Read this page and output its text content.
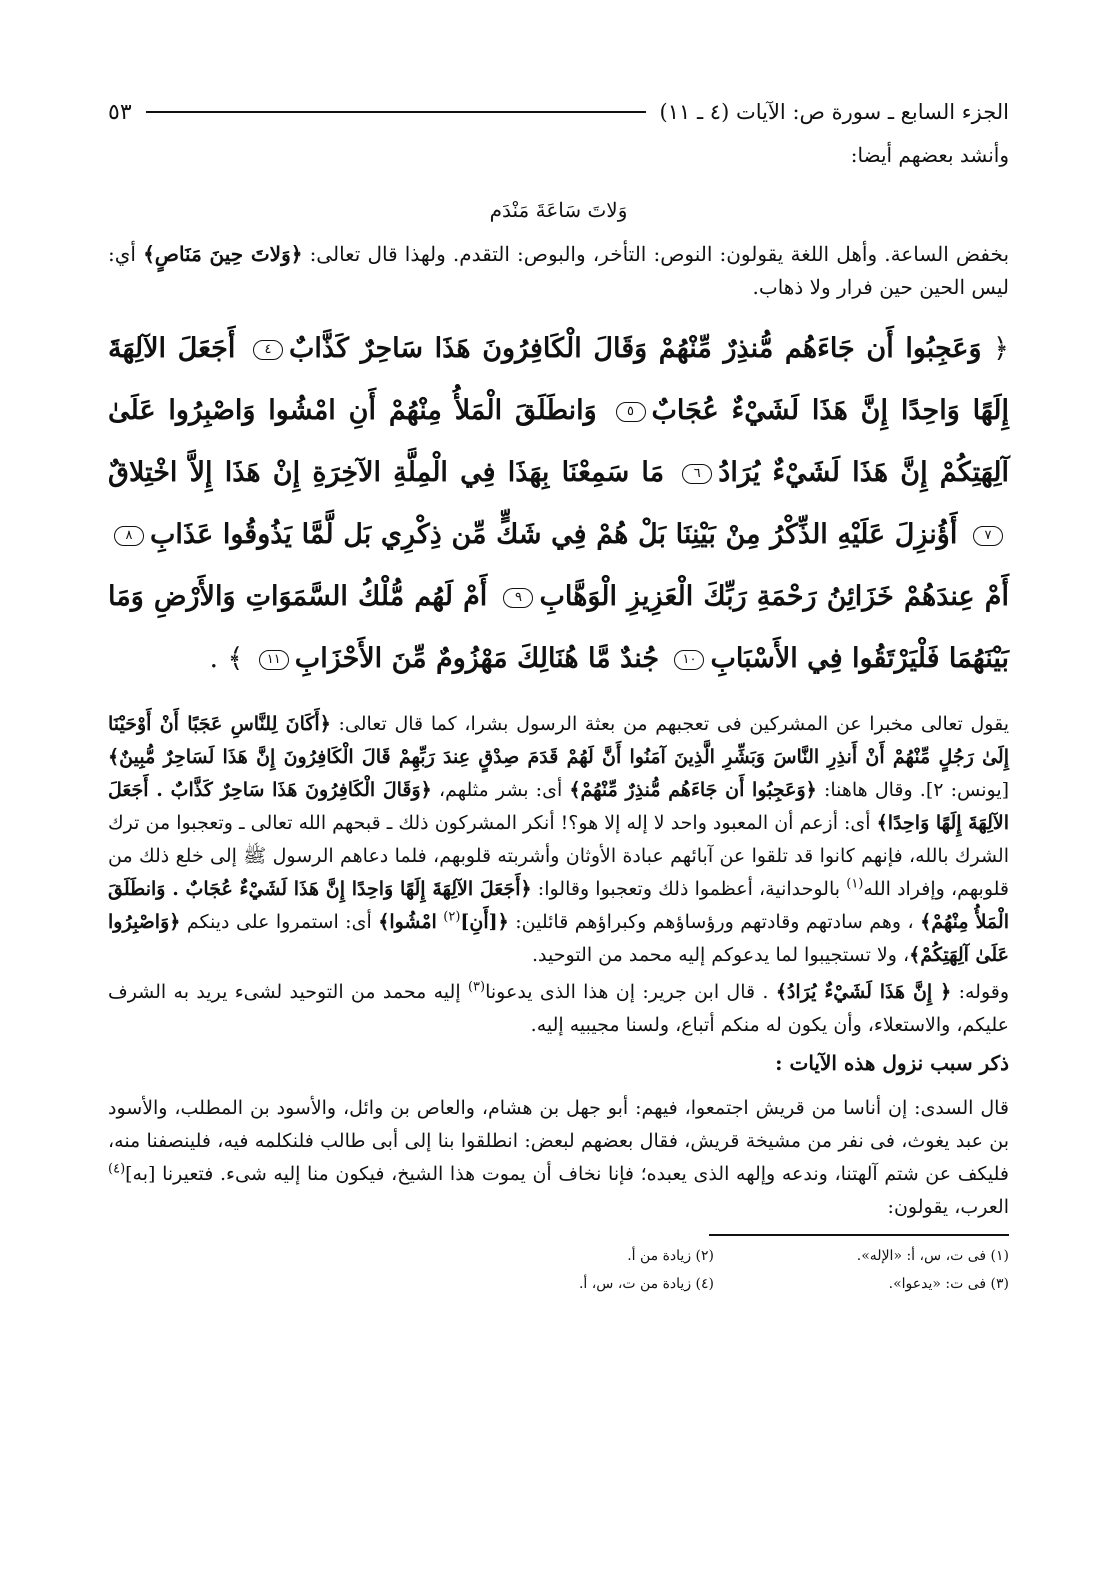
الجزء السابع ـ سورة ص: الآيات (٤ ـ ١١)
٥٣

وأنشد بعضهم أيضا:

وَلاتَ سَاعَةَ مَنْدَم

بخفض الساعة. وأهل اللغة يقولون: النوص: التأخر، والبوص: التقدم. ولهذا قال تعالى: ﴿وَلاتَ حِينَ مَنَاصٍ﴾ أي: ليس الحين حين فرار ولا ذهاب.

﴿ وَعَجِبُوا أَن جَاءَهُم مُّنذِرٌ مِّنْهُمْ وَقَالَ الْكَافِرُونَ هَذَا سَاحِرٌ كَذَّابٌ٤ أَجَعَلَ الآلِهَةَ إِلَهًا وَاحِدًا إِنَّ هَذَا لَشَيْءٌ عُجَابٌ٥ وَانطَلَقَ الْمَلأُ مِنْهُمْ أَنِ امْشُوا وَاصْبِرُوا عَلَىٰ آلِهَتِكُمْ إِنَّ هَذَا لَشَيْءٌ يُرَادُ٦ مَا سَمِعْنَا بِهَذَا فِي الْمِلَّةِ الآخِرَةِ إِنْ هَذَا إِلاَّ اخْتِلاقٌ٧ أَؤُنزِلَ عَلَيْهِ الذِّكْرُ مِنْ بَيْنِنَا بَلْ هُمْ فِي شَكٍّ مِّن ذِكْرِي بَل لَّمَّا يَذُوقُوا عَذَابِ٨ أَمْ عِندَهُمْ خَزَائِنُ رَحْمَةِ رَبِّكَ الْعَزِيزِ الْوَهَّابِ٩ أَمْ لَهُم مُّلْكُ السَّمَوَاتِ وَالأَرْضِ وَمَا بَيْنَهُمَا فَلْيَرْتَقُوا فِي الأَسْبَابِ١٠ جُندٌ مَّا هُنَالِكَ مَهْزُومٌ مِّنَ الأَحْزَابِ١١ ﴾ .

يقول تعالى مخبرا عن المشركين فى تعجبهم من بعثة الرسول بشرا، كما قال تعالى: ﴿أَكَانَ لِلنَّاسِ عَجَبًا أَنْ أَوْحَيْنَا إِلَىٰ رَجُلٍ مِّنْهُمْ أَنْ أَنذِرِ النَّاسَ وَبَشِّرِ الَّذِينَ آمَنُوا أَنَّ لَهُمْ قَدَمَ صِدْقٍ عِندَ رَبِّهِمْ قَالَ الْكَافِرُونَ إِنَّ هَذَا لَسَاحِرٌ مُّبِينٌ﴾ [يونس: ٢]. وقال هاهنا: ﴿وَعَجِبُوا أَن جَاءَهُم مُّنذِرٌ مِّنْهُمْ﴾ أى: بشر مثلهم، ﴿وَقَالَ الْكَافِرُونَ هَذَا سَاحِرٌ كَذَّابٌ . أَجَعَلَ الآلِهَةَ إِلَهًا وَاحِدًا﴾ أى: أزعم أن المعبود واحد لا إله إلا هو؟! أنكر المشركون ذلك ـ قبحهم الله تعالى ـ وتعجبوا من ترك الشرك بالله، فإنهم كانوا قد تلقوا عن آبائهم عبادة الأوثان وأشربته قلوبهم، فلما دعاهم الرسول ﷺ إلى خلع ذلك من قلوبهم، وإفراد الله$^{(١)}$ بالوحدانية، أعظموا ذلك وتعجبوا وقالوا: ﴿أَجَعَلَ الآلِهَةَ إِلَهًا وَاحِدًا إِنَّ هَذَا لَشَيْءٌ عُجَابٌ . وَانطَلَقَ الْمَلأُ مِنْهُمْ﴾ ، وهم سادتهم وقادتهم ورؤساؤهم وكبراؤهم قائلين: ﴿[أَنِ]$^{(٢)}$ امْشُوا﴾ أى: استمروا على دينكم ﴿وَاصْبِرُوا عَلَىٰ آلِهَتِكُمْ﴾، ولا تستجيبوا لما يدعوكم إليه محمد من التوحيد.

وقوله: ﴿ إِنَّ هَذَا لَشَيْءٌ يُرَادُ﴾ . قال ابن جرير: إن هذا الذى يدعونا$^{(٣)}$ إليه محمد من التوحيد لشىء يريد به الشرف عليكم، والاستعلاء، وأن يكون له منكم أتباع، ولسنا مجيبيه إليه.

ذكر سبب نزول هذه الآيات :

قال السدى: إن أناسا من قريش اجتمعوا، فيهم: أبو جهل بن هشام، والعاص بن وائل، والأسود بن المطلب، والأسود بن عبد يغوث، فى نفر من مشيخة قريش، فقال بعضهم لبعض: انطلقوا بنا إلى أبى طالب فلنكلمه فيه، فلينصفنا منه، فليكف عن شتم آلهتنا، وندعه وإلهه الذى يعبده؛ فإنا نخاف أن يموت هذا الشيخ، فيكون منا إليه شىء. فتعيرنا [به]$^{(٤)}$ العرب، يقولون:

(١) فى ت، س، أ: «الإله».
(٢) زيادة من أ.
(٣) فى ت: «يدعوا».
(٤) زيادة من ت، س، أ.
